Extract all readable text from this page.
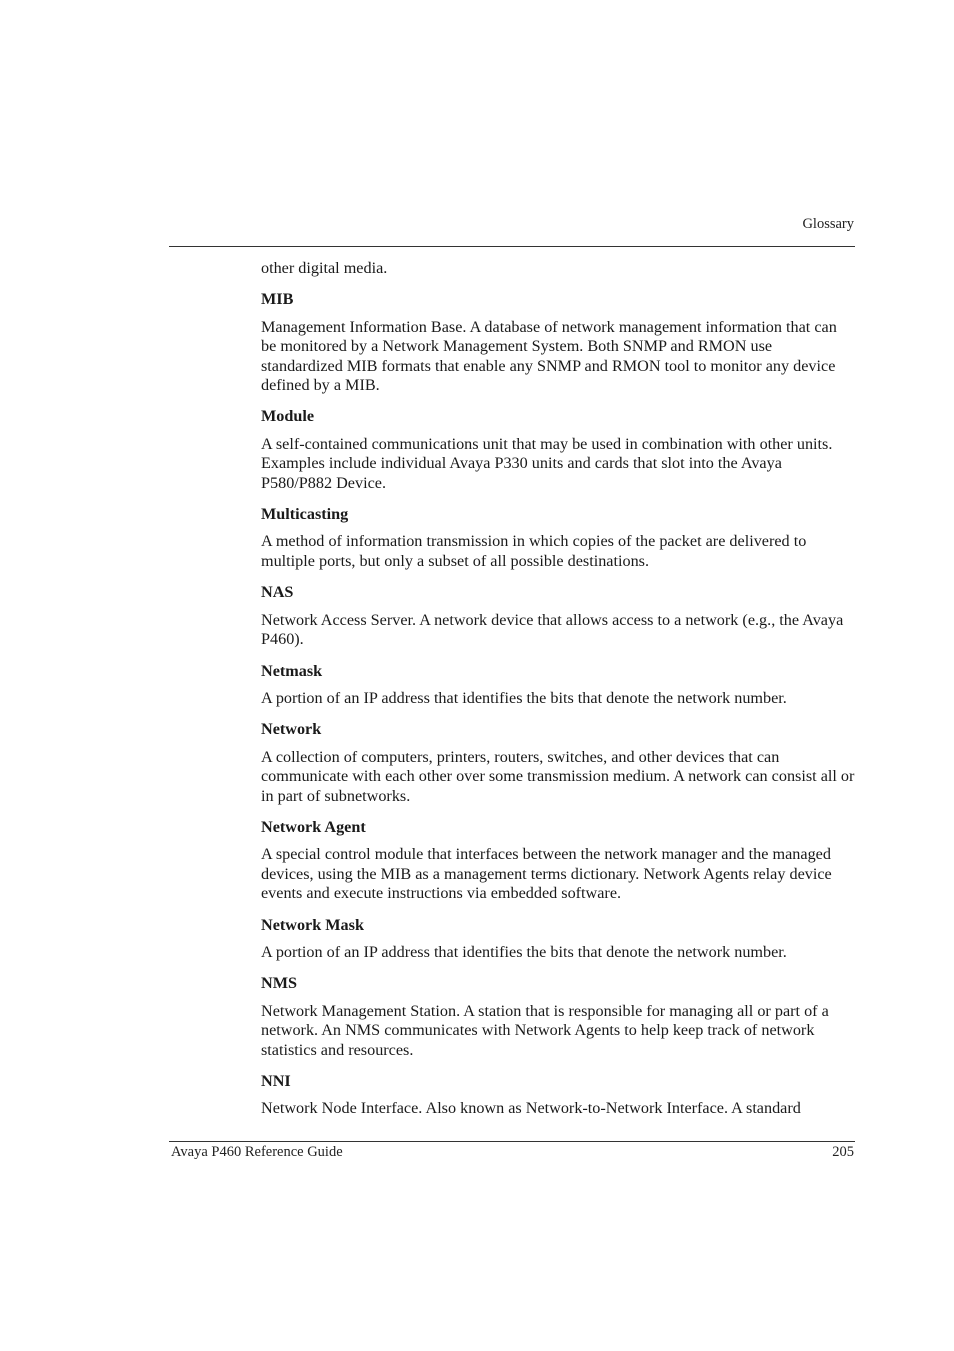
Glossary

other digital media.

MIB

Management Information Base. A database of network management information that can be monitored by a Network Management System. Both SNMP and RMON use standardized MIB formats that enable any SNMP and RMON tool to monitor any device defined by a MIB.

Module

A self-contained communications unit that may be used in combination with other units. Examples include individual Avaya P330 units and cards that slot into the Avaya P580/P882 Device.

Multicasting

A method of information transmission in which copies of the packet are delivered to multiple ports, but only a subset of all possible destinations.

NAS

Network Access Server. A network device that allows access to a network (e.g., the Avaya P460).

Netmask

A portion of an IP address that identifies the bits that denote the network number.

Network

A collection of computers, printers, routers, switches, and other devices that can communicate with each other over some transmission medium. A network can consist all or in part of subnetworks.

Network Agent

A special control module that interfaces between the network manager and the managed devices, using the MIB as a management terms dictionary. Network Agents relay device events and execute instructions via embedded software.

Network Mask

A portion of an IP address that identifies the bits that denote the network number.

NMS

Network Management Station. A station that is responsible for managing all or part of a network. An NMS communicates with Network Agents to help keep track of network statistics and resources.

NNI

Network Node Interface. Also known as Network-to-Network Interface. A standard

Avaya P460 Reference Guide	205
